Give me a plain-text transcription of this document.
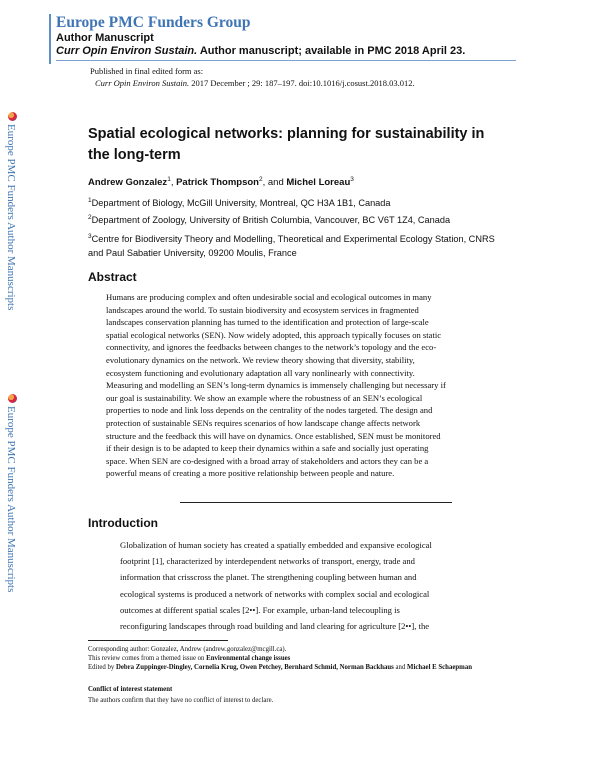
Europe PMC Funders Group
Author Manuscript
Curr Opin Environ Sustain. Author manuscript; available in PMC 2018 April 23.
Published in final edited form as:
Curr Opin Environ Sustain. 2017 December ; 29: 187–197. doi:10.1016/j.cosust.2018.03.012.
Europe PMC Funders Author Manuscripts
Europe PMC Funders Author Manuscripts
Spatial ecological networks: planning for sustainability in the long-term
Andrew Gonzalez$^1$, Patrick Thompson$^2$, and Michel Loreau$^3$
$^1$Department of Biology, McGill University, Montreal, QC H3A 1B1, Canada
$^2$Department of Zoology, University of British Columbia, Vancouver, BC V6T 1Z4, Canada
$^3$Centre for Biodiversity Theory and Modelling, Theoretical and Experimental Ecology Station, CNRS and Paul Sabatier University, 09200 Moulis, France
Abstract
Humans are producing complex and often undesirable social and ecological outcomes in many
landscapes around the world. To sustain biodiversity and ecosystem services in fragmented
landscapes conservation planning has turned to the identification and protection of large-scale
spatial ecological networks (SEN). Now widely adopted, this approach typically focuses on static
connectivity, and ignores the feedbacks between changes to the network’s topology and the eco-
evolutionary dynamics on the network. We review theory showing that diversity, stability,
ecosystem functioning and evolutionary adaptation all vary nonlinearly with connectivity.
Measuring and modelling an SEN’s long-term dynamics is immensely challenging but necessary if
our goal is sustainability. We show an example where the robustness of an SEN’s ecological
properties to node and link loss depends on the centrality of the nodes targeted. The design and
protection of sustainable SENs requires scenarios of how landscape change affects network
structure and the feedback this will have on dynamics. Once established, SEN must be monitored
if their design is to be adapted to keep their dynamics within a safe and socially just operating
space. When SEN are co-designed with a broad array of stakeholders and actors they can be a
powerful means of creating a more positive relationship between people and nature.
Introduction
Globalization of human society has created a spatially embedded and expansive ecological
footprint [1], characterized by interdependent networks of transport, energy, trade and
information that crisscross the planet. The strengthening coupling between human and
ecological systems is produced a network of networks with complex social and ecological
outcomes at different spatial scales [2••]. For example, urban-land telecoupling is
reconfiguring landscapes through road building and land clearing for agriculture [2••], the
Corresponding author: Gonzalez, Andrew (andrew.gonzalez@mcgill.ca).
This review comes from a themed issue on Environmental change issues
Edited by Debra Zuppinger-Dingley, Cornelia Krug, Owen Petchey, Bernhard Schmid, Norman Backhaus and Michael E Schaepman
Conflict of interest statement
The authors confirm that they have no conflict of interest to declare.
